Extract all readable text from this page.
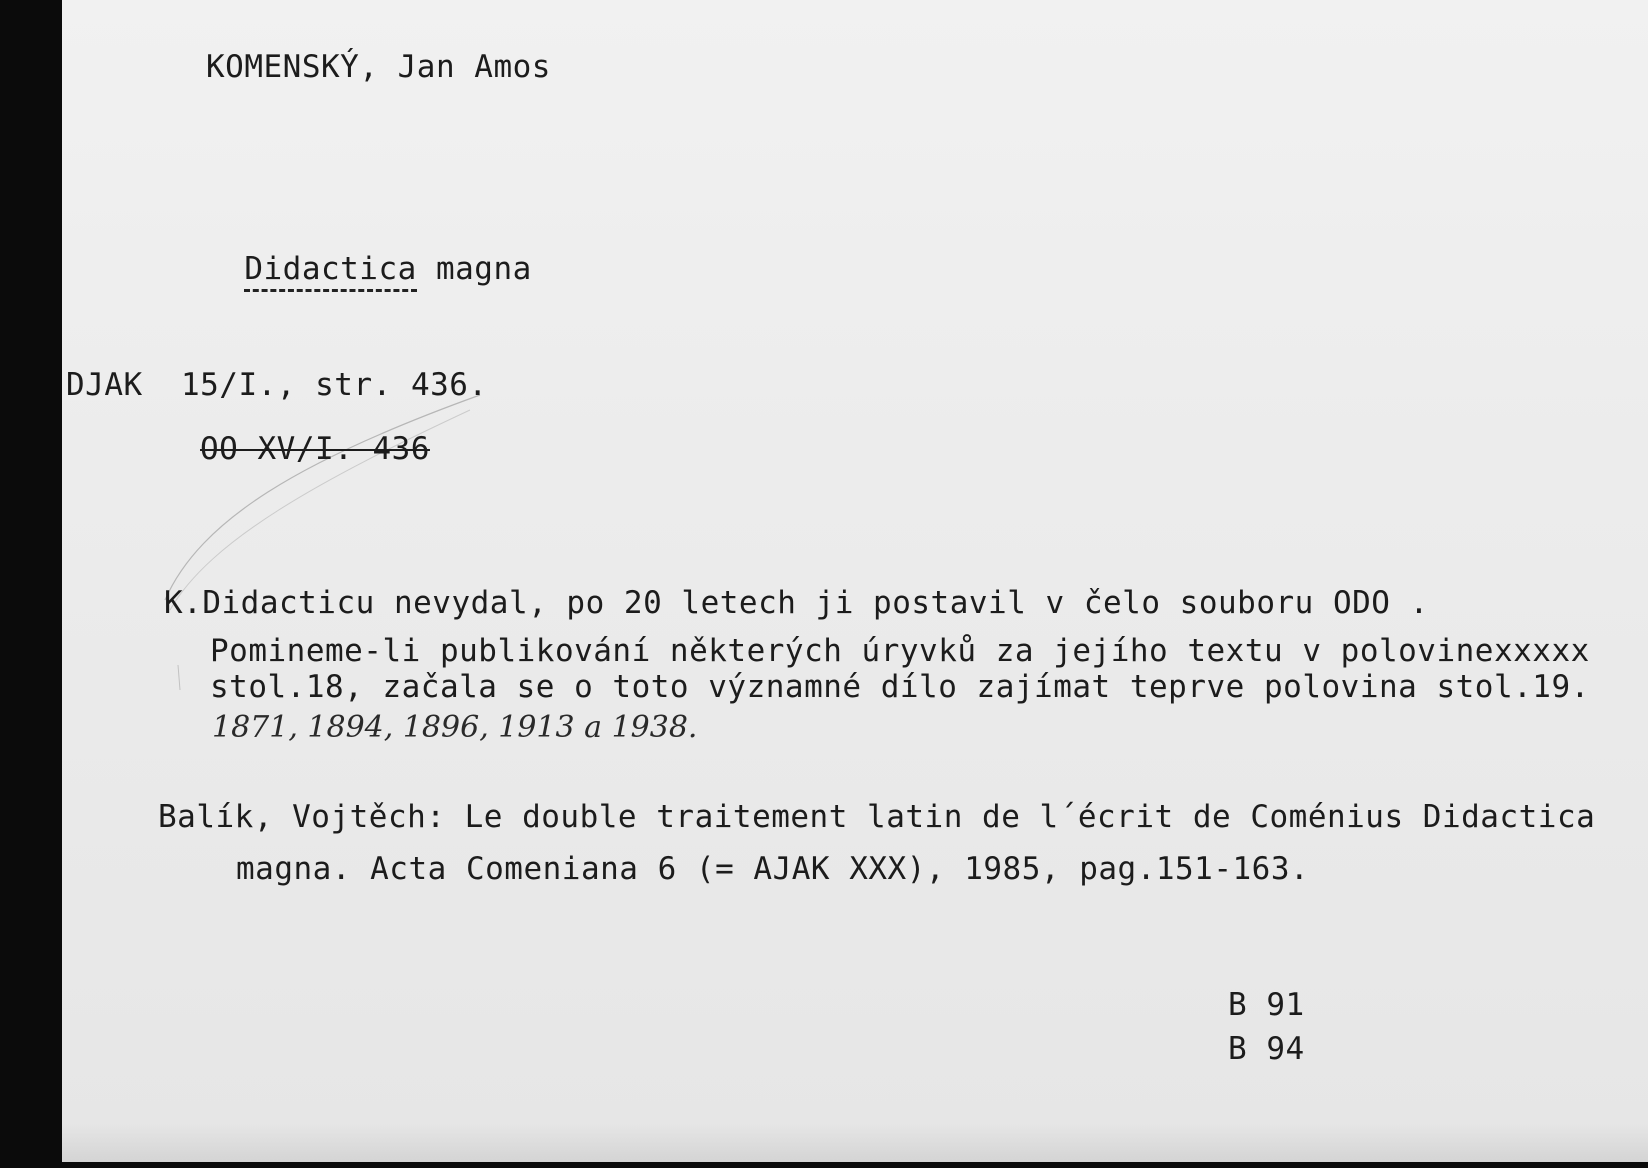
KOMENSKÝ, Jan Amos

Didactica magna

DJAK  15/I., str. 436.
OO XV/I. 436
K.Didacticu nevydal, po 20 letech ji postavil v čelo souboru ODO .
Pomineme-li publikování některých úryvků za jejího textu v polovinexxxxx
stol.18, začala se o toto významné dílo zajímat teprve polovina stol.19.
1871, 1894, 1896, 1913 a 1938.
Balík, Vojtěch: Le double traitement latin de l´écrit de Coménius Didactica
magna. Acta Comeniana 6 (= AJAK XXX), 1985, pag.151-163.
B 91
B 94
